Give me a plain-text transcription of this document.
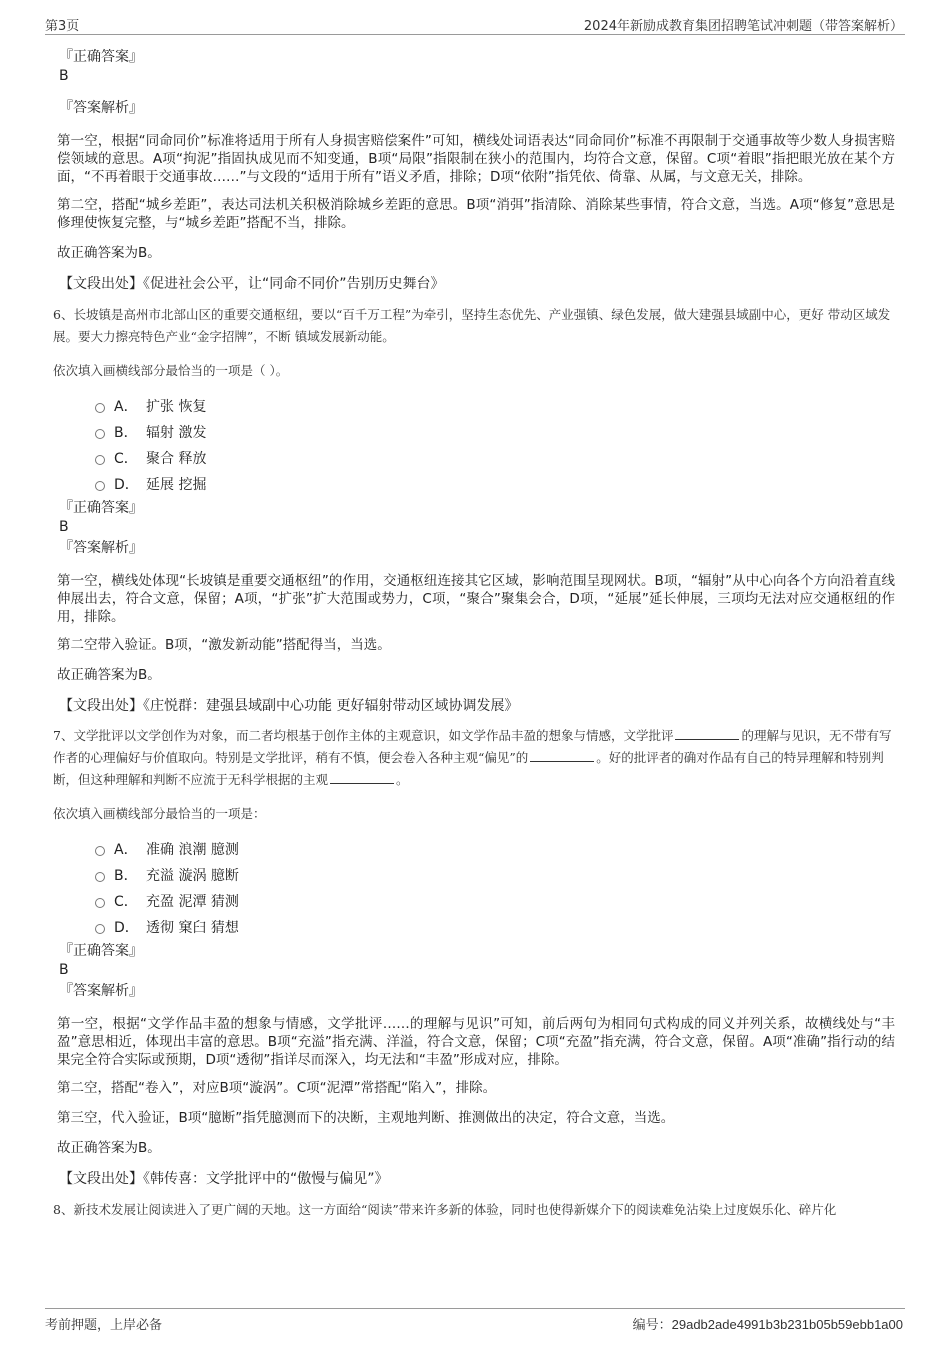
第3页	2024年新励成教育集团招聘笔试冲刺题（带答案解析）
『正确答案』
B
『答案解析』

第一空，根据“同命同价”标准将适用于所有人身损害赔偿案件”可知，横线处词语表达“同命同价”标准不再限制于交通事故等少数人身损害赔偿领域的意思。A项“拘泥”指固执成见而不知变通，B项“局限”指限制在狭小的范围内，均符合文意，保留。C项“着眼”指把眼光放在某个方面，“不再着眼于交通事故……”与文段的“适用于所有”语义矛盾，排除；D项“依附”指凭依、倚靠、从属，与文意无关，排除。

第二空，搭配“城乡差距”，表达司法机关积极消除城乡差距的意思。B项“消弭”指清除、消除某些事情，符合文意，当选。A项“修复”意思是修理使恢复完整，与“城乡差距”搭配不当，排除。

故正确答案为B。

【文段出处】《促进社会公平，让“同命不同价”告别历史舞台》
6、长坡镇是高州市北部山区的重要交通枢纽，要以“百千万工程”为牵引，坚持生态优先、产业强镇、绿色发展，做大建强县域副中心，更好 带动区域发展。要大力擦亮特色产业“金字招牌”，不断 镇域发展新动能。
依次填入画横线部分最恰当的一项是（ ）。
A． 扩张 恢复
B． 辐射 激发
C． 聚合 释放
D． 延展 挖掘
『正确答案』
B
『答案解析』

第一空，横线处体现“长坡镇是重要交通枢纽”的作用，交通枢纽连接其它区域，影响范围呈现网状。B项，“辐射”从中心向各个方向沿着直线伸展出去，符合文意，保留；A项，“扩张”扩大范围或势力，C项，“聚合”聚集会合，D项，“延展”延长伸展，三项均无法对应交通枢纽的作用，排除。

第二空带入验证。B项，“激发新动能”搭配得当，当选。

故正确答案为B。

【文段出处】《庄悦群：建强县域副中心功能 更好辐射带动区域协调发展》
7、文学批评以文学创作为对象，而二者均根基于创作主体的主观意识，如文学作品丰盈的想象与情感，文学批评	的理解与见识，无不带有写作者的心理偏好与价值取向。特别是文学批评，稍有不慎，便会卷入各种主观“偏见”的	。好的批评者的确对作品有自己的特异理解和特别判断，但这种理解和判断不应流于无科学根据的主观	。
依次填入画横线部分最恰当的一项是：
A． 准确 浪潮 臆测
B． 充溢 漩涡 臆断
C． 充盈 泥潭 猜测
D． 透彻 窠臼 猜想
『正确答案』
B
『答案解析』

第一空，根据“文学作品丰盈的想象与情感，文学批评……的理解与见识”可知，前后两句为相同句式构成的同义并列关系，故横线处与“丰盈”意思相近，体现出丰富的意思。B项“充溢”指充满、洋溢，符合文意，保留；C项“充盈”指充满，符合文意，保留。A项“准确”指行动的结果完全符合实际或预期，D项“透彻”指详尽而深入，均无法和“丰盈”形成对应，排除。

第二空，搭配“卷入”，对应B项“漩涡”。C项“泥潭”常搭配“陷入”，排除。

第三空，代入验证，B项“臆断”指凭臆测而下的决断，主观地判断、推测做出的决定，符合文意，当选。

故正确答案为B。

【文段出处】《韩传喜：文学批评中的“傲慢与偏见”》
8、新技术发展让阅读进入了更广阔的天地。这一方面给“阅读”带来许多新的体验，同时也使得新媒介下的阅读难免沾染上过度娱乐化、碎片化
考前押题，上岸必备	编号：29adb2ade4991b3b231b05b59ebb1a00
